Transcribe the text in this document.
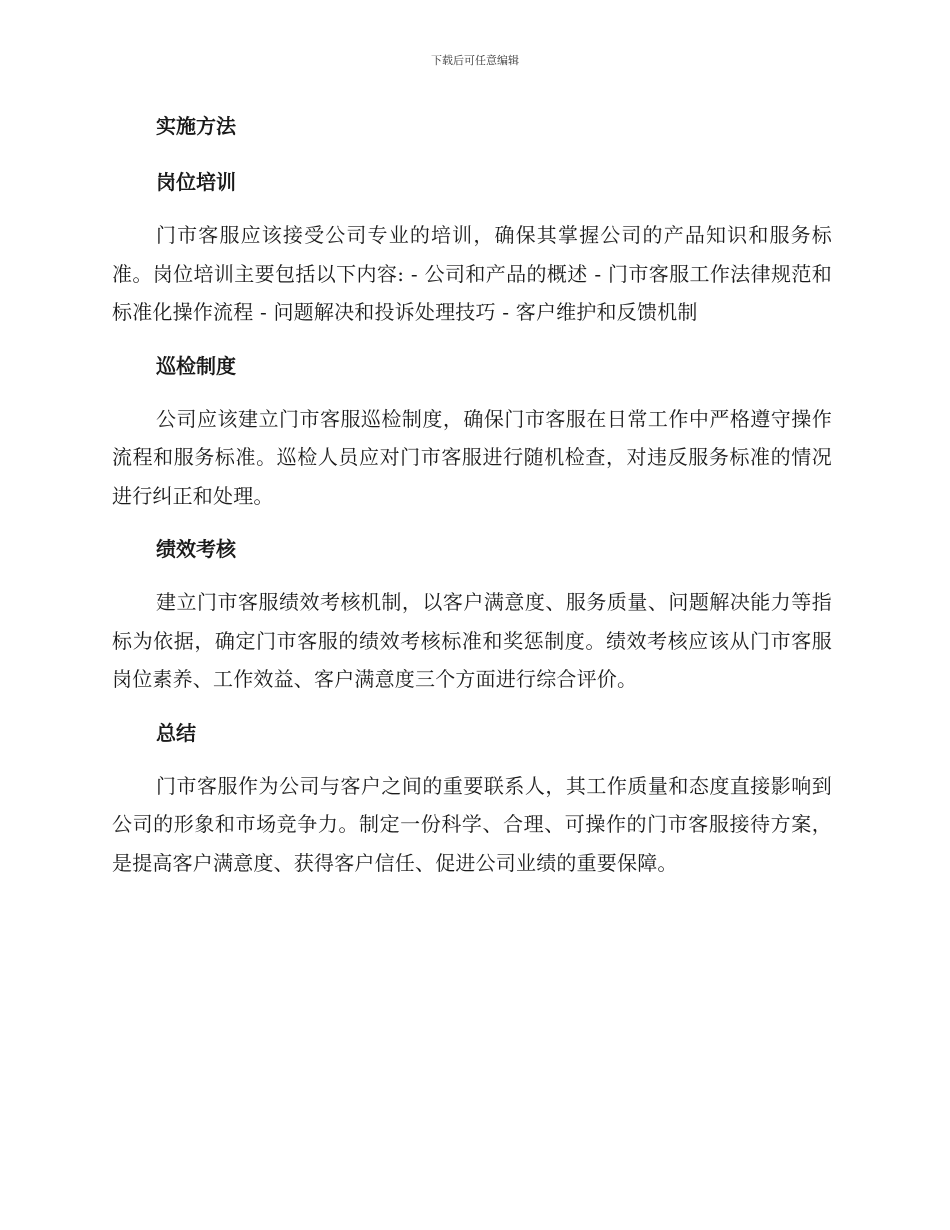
下载后可任意编辑
实施方法
岗位培训

门市客服应该接受公司专业的培训，确保其掌握公司的产品知识和服务标准。岗位培训主要包括以下内容: - 公司和产品的概述 - 门市客服工作法律规范和标准化操作流程 - 问题解决和投诉处理技巧 - 客户维护和反馈机制

巡检制度

公司应该建立门市客服巡检制度，确保门市客服在日常工作中严格遵守操作流程和服务标准。巡检人员应对门市客服进行随机检查，对违反服务标准的情况进行纠正和处理。

绩效考核

建立门市客服绩效考核机制，以客户满意度、服务质量、问题解决能力等指标为依据，确定门市客服的绩效考核标准和奖惩制度。绩效考核应该从门市客服岗位素养、工作效益、客户满意度三个方面进行综合评价。

总结

门市客服作为公司与客户之间的重要联系人，其工作质量和态度直接影响到公司的形象和市场竞争力。制定一份科学、合理、可操作的门市客服接待方案，是提高客户满意度、获得客户信任、促进公司业绩的重要保障。
